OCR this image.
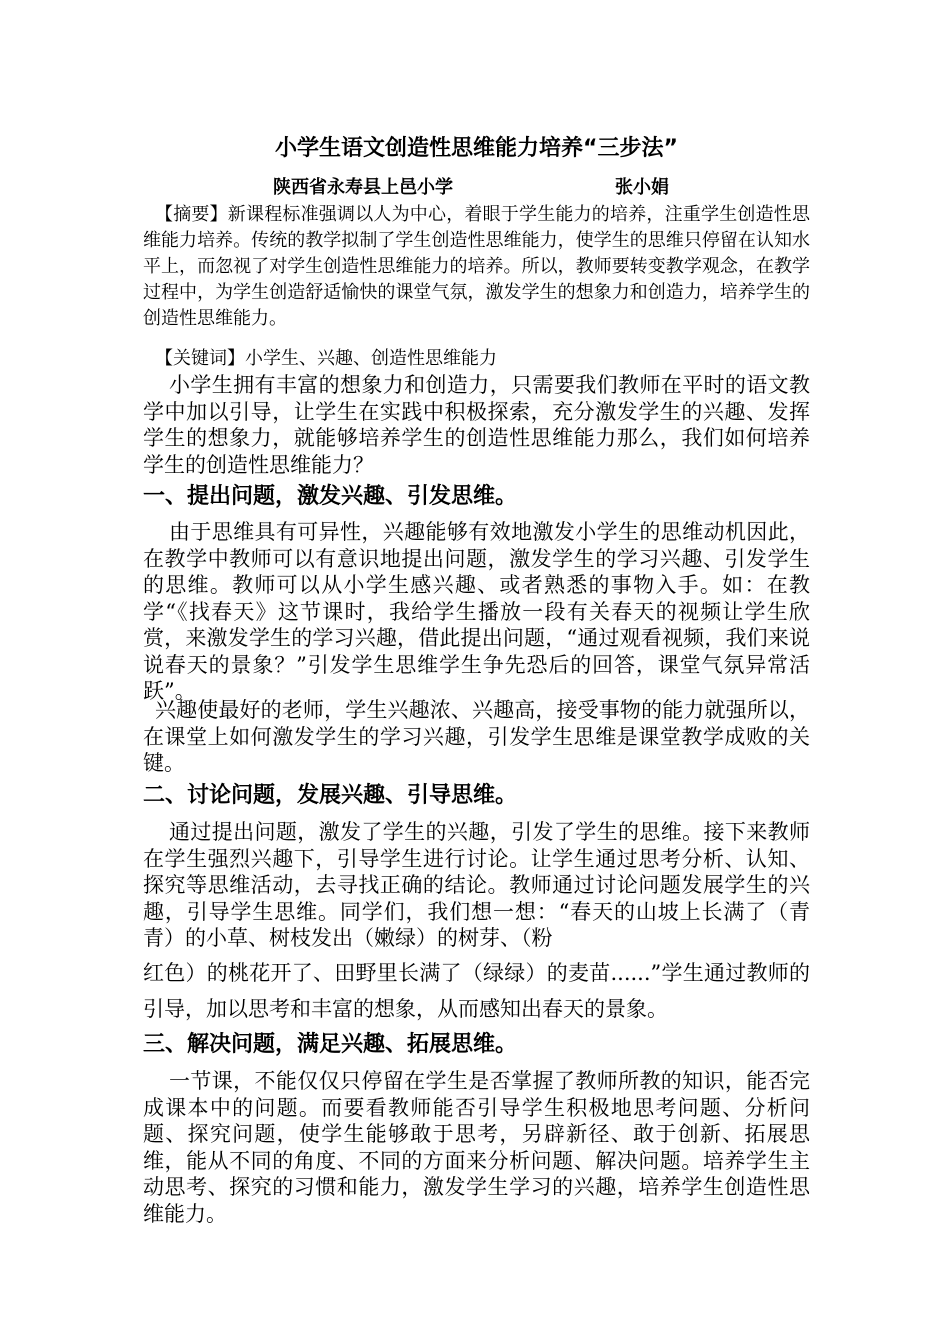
小学生语文创造性思维能力培养“三步法”
陕西省永寿县上邑小学	张小娟
【摘要】新课程标准强调以人为中心，着眼于学生能力的培养，注重学生创造性思维能力培养。传统的教学拟制了学生创造性思维能力，使学生的思维只停留在认知水平上，而忽视了对学生创造性思维能力的培养。所以，教师要转变教学观念，在教学过程中，为学生创造舒适愉快的课堂气氛，激发学生的想象力和创造力，培养学生的创造性思维能力。
【关键词】小学生、兴趣、创造性思维能力
小学生拥有丰富的想象力和创造力，只需要我们教师在平时的语文教学中加以引导，让学生在实践中积极探索，充分激发学生的兴趣、发挥学生的想象力，就能够培养学生的创造性思维能力那么，我们如何培养学生的创造性思维能力？
一、提出问题，激发兴趣、引发思维。
由于思维具有可异性，兴趣能够有效地激发小学生的思维动机因此，在教学中教师可以有意识地提出问题，激发学生的学习兴趣、引发学生的思维。教师可以从小学生感兴趣、或者熟悉的事物入手。如：在教学“《找春天》这节课时，我给学生播放一段有关春天的视频让学生欣赏，来激发学生的学习兴趣，借此提出问题，“通过观看视频，我们来说说春天的景象？”引发学生思维学生争先恐后的回答，课堂气氛异常活跃”。
兴趣使最好的老师，学生兴趣浓、兴趣高，接受事物的能力就强所以，在课堂上如何激发学生的学习兴趣，引发学生思维是课堂教学成败的关键。
二、讨论问题，发展兴趣、引导思维。
通过提出问题，激发了学生的兴趣，引发了学生的思维。接下来教师在学生强烈兴趣下，引导学生进行讨论。让学生通过思考分析、认知、探究等思维活动，去寻找正确的结论。教师通过讨论问题发展学生的兴趣，引导学生思维。同学们，我们想一想：“春天的山坡上长满了（青青）的小草、树枝发出（嫩绿）的树芽、（粉
红色）的桃花开了、田野里长满了（绿绿）的麦苗......”学生通过教师的引导，加以思考和丰富的想象，从而感知出春天的景象。
三、解决问题，满足兴趣、拓展思维。
一节课，不能仅仅只停留在学生是否掌握了教师所教的知识，能否完成课本中的问题。而要看教师能否引导学生积极地思考问题、分析问题、探究问题，使学生能够敢于思考，另辟新径、敢于创新、拓展思维，能从不同的角度、不同的方面来分析问题、解决问题。培养学生主动思考、探究的习惯和能力，激发学生学习的兴趣，培养学生创造性思维能力。
